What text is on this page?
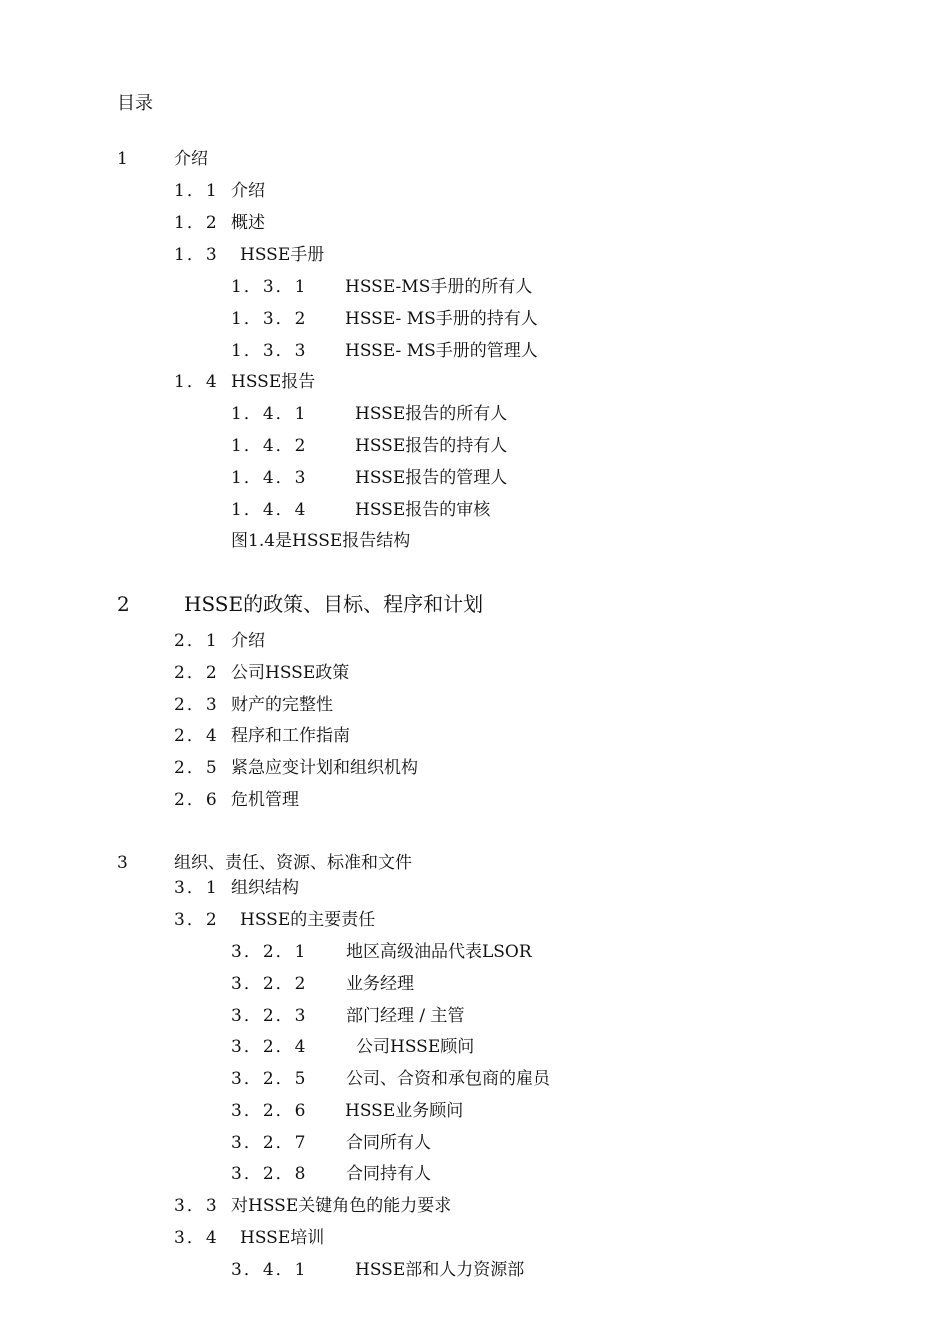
目录
1	介绍
1．1 介绍
1．2 概述
1．3 HSSE手册
1．3．1 HSSE-MS手册的所有人
1．3．2 HSSE- MS手册的持有人
1．3．3 HSSE- MS手册的管理人
1．4 HSSE报告
1．4．1	HSSE报告的所有人
1．4．2	HSSE报告的持有人
1．4．3	HSSE报告的管理人
1．4．4	HSSE报告的审核
图1.4是HSSE报告结构
2	HSSE的政策、目标、程序和计划
2．1 介绍
2．2 公司HSSE政策
2．3 财产的完整性
2．4 程序和工作指南
2．5 紧急应变计划和组织机构
2．6 危机管理
3	组织、责任、资源、标准和文件
3．1 组织结构
3．2 HSSE的主要责任
3．2．1 地区高级油品代表LSOR
3．2．2 业务经理
3．2．3 部门经理 / 主管
3．2．4	公司HSSE顾问
3．2．5 公司、合资和承包商的雇员
3．2．6 HSSE业务顾问
3．2．7 合同所有人
3．2．8 合同持有人
3．3 对HSSE关键角色的能力要求
3．4 HSSE培训
3．4．1	HSSE部和人力资源部
